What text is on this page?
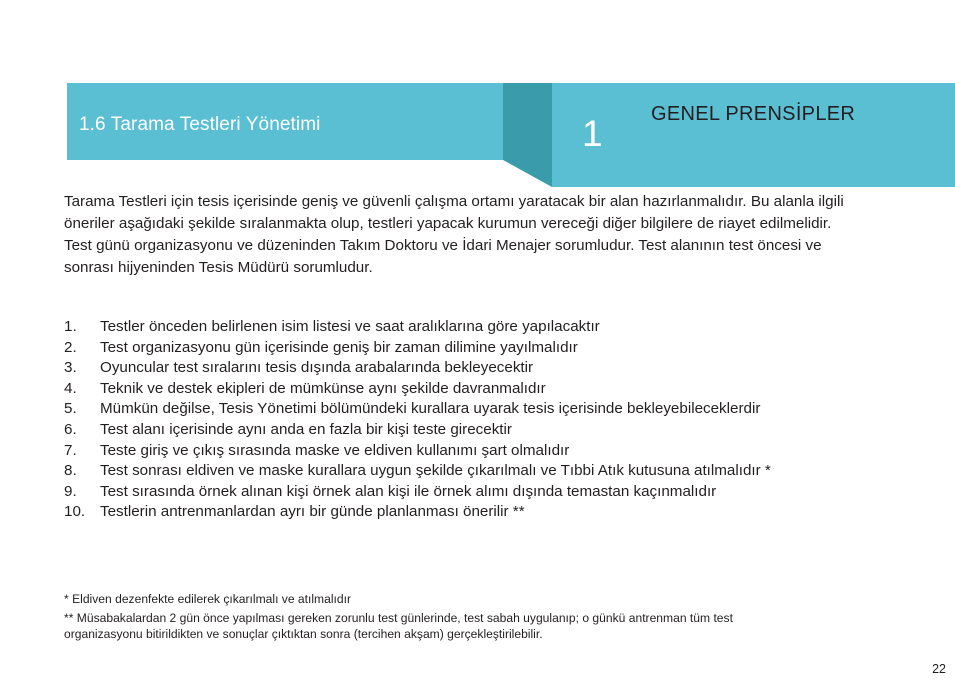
1.6 Tarama Testleri Yönetimi	1 GENEL PRENSİPLER

Tarama Testleri için tesis içerisinde geniş ve güvenli çalışma ortamı yaratacak bir alan hazırlanmalıdır. Bu alanla ilgili
öneriler aşağıdaki şekilde sıralanmakta olup, testleri yapacak kurumun vereceği diğer bilgilere de riayet edilmelidir.
Test günü organizasyonu ve düzeninden Takım Doktoru ve İdari Menajer sorumludur. Test alanının test öncesi ve
sonrası hijyeninden Tesis Müdürü sorumludur.

1.	Testler önceden belirlenen isim listesi ve saat aralıklarına göre yapılacaktır
2.	Test organizasyonu gün içerisinde geniş bir zaman dilimine yayılmalıdır
3.	Oyuncular test sıralarını tesis dışında arabalarında bekleyecektir
4.	Teknik ve destek ekipleri de mümkünse aynı şekilde davranmalıdır
5.	Mümkün değilse, Tesis Yönetimi bölümündeki kurallara uyarak tesis içerisinde bekleyebileceklerdir
6.	Test alanı içerisinde aynı anda en fazla bir kişi teste girecektir
7.	Teste giriş ve çıkış sırasında maske ve eldiven kullanımı şart olmalıdır
8.	Test sonrası eldiven ve maske kurallara uygun şekilde çıkarılmalı ve Tıbbi Atık kutusuna atılmalıdır *
9.	Test sırasında örnek alınan kişi örnek alan kişi ile örnek alımı dışında temastan kaçınmalıdır
10. Testlerin antrenmanlardan ayrı bir günde planlanması önerilir **

* Eldiven dezenfekte edilerek çıkarılmalı ve atılmalıdır

** Müsabakalardan 2 gün önce yapılması gereken zorunlu test günlerinde, test sabah uygulanıp; o günkü antrenman tüm test
organizasyonu bitirildikten ve sonuçlar çıktıktan sonra (tercihen akşam) gerçekleştirilebilir.

22
